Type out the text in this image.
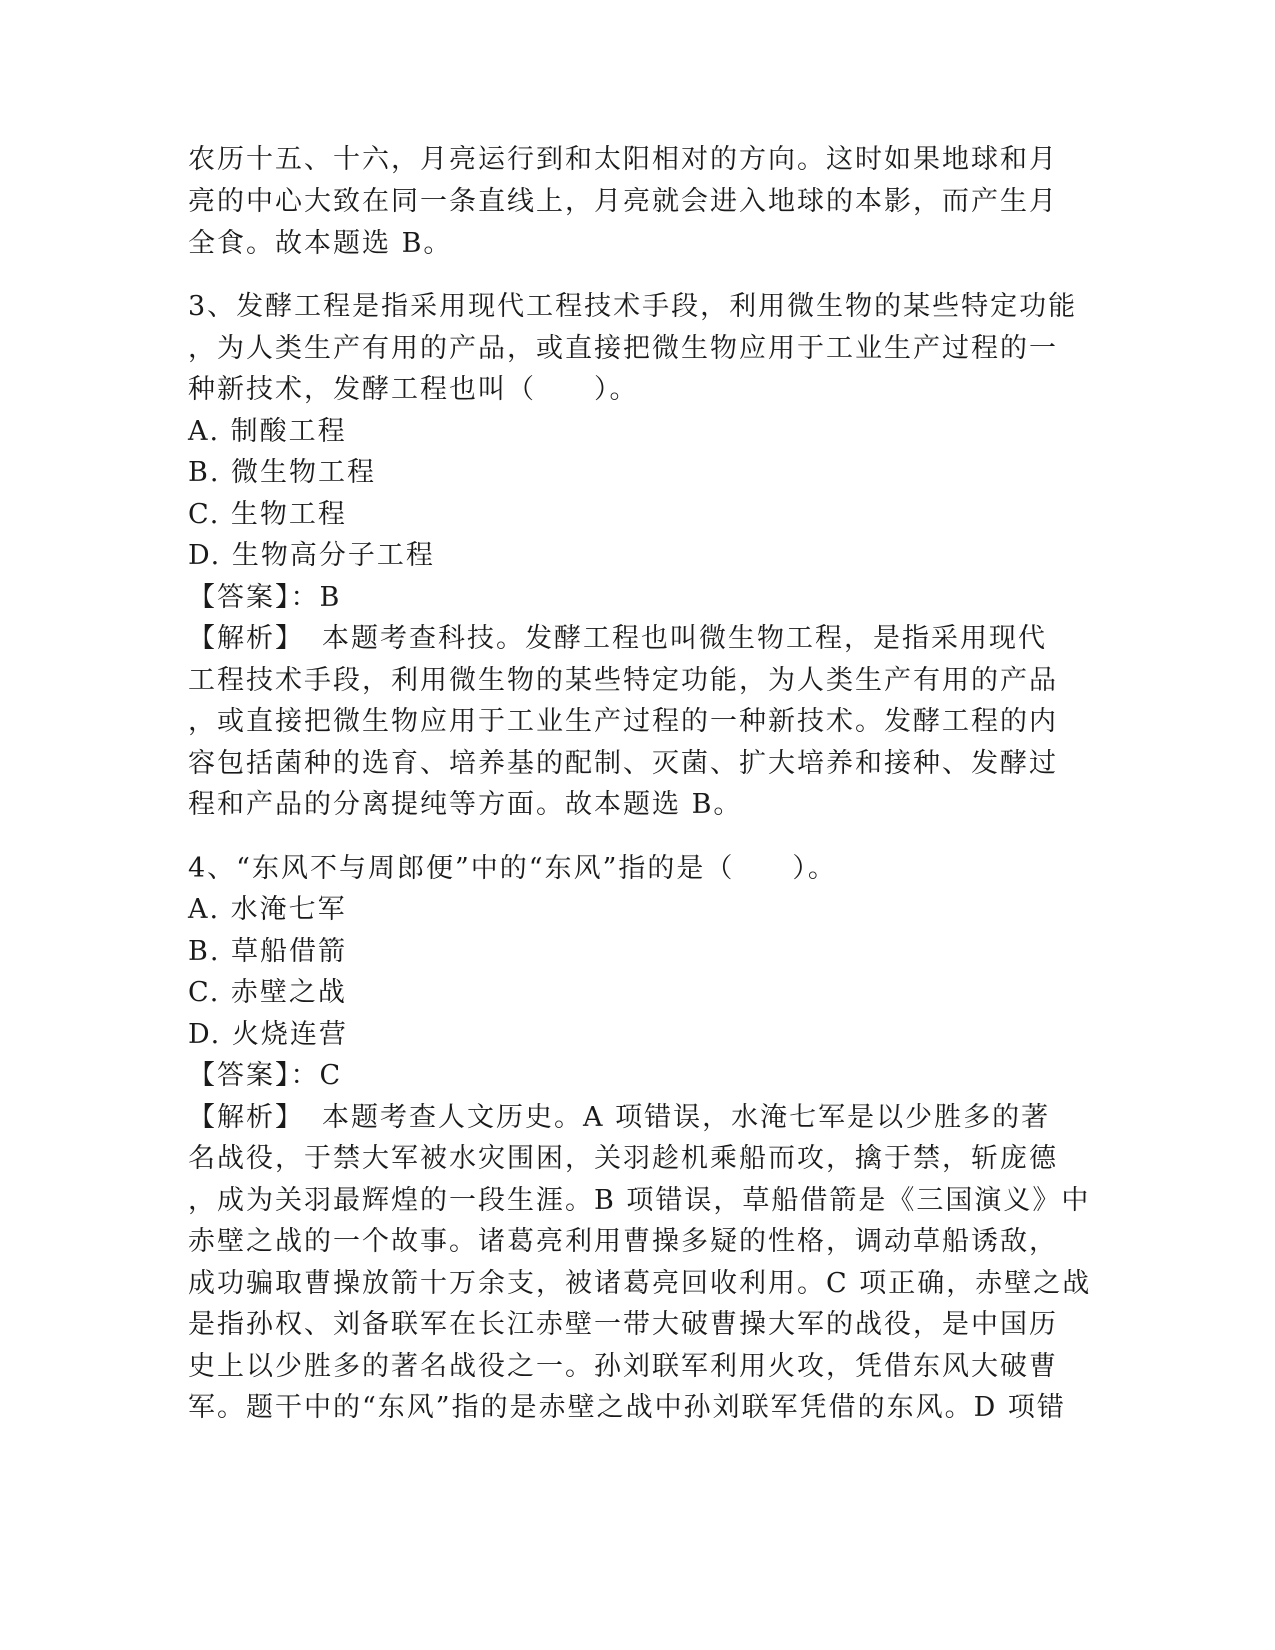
农历十五、十六，月亮运行到和太阳相对的方向。这时如果地球和月
亮的中心大致在同一条直线上，月亮就会进入地球的本影，而产生月
全食。故本题选 B。
3、发酵工程是指采用现代工程技术手段，利用微生物的某些特定功能
，为人类生产有用的产品，或直接把微生物应用于工业生产过程的一
种新技术，发酵工程也叫（　　）。
A. 制酸工程
B. 微生物工程
C. 生物工程
D. 生物高分子工程
【答案】：B
【解析】 本题考查科技。发酵工程也叫微生物工程，是指采用现代
工程技术手段，利用微生物的某些特定功能，为人类生产有用的产品
，或直接把微生物应用于工业生产过程的一种新技术。发酵工程的内
容包括菌种的选育、培养基的配制、灭菌、扩大培养和接种、发酵过
程和产品的分离提纯等方面。故本题选 B。
4、“东风不与周郎便”中的“东风”指的是（　　）。
A. 水淹七军
B. 草船借箭
C. 赤壁之战
D. 火烧连营
【答案】：C
【解析】 本题考查人文历史。A 项错误，水淹七军是以少胜多的著
名战役，于禁大军被水灾围困，关羽趁机乘船而攻，擒于禁，斩庞德
，成为关羽最辉煌的一段生涯。B 项错误，草船借箭是《三国演义》中
赤壁之战的一个故事。诸葛亮利用曹操多疑的性格，调动草船诱敌，
成功骗取曹操放箭十万余支，被诸葛亮回收利用。C 项正确，赤壁之战
是指孙权、刘备联军在长江赤壁一带大破曹操大军的战役，是中国历
史上以少胜多的著名战役之一。孙刘联军利用火攻，凭借东风大破曹
军。题干中的“东风”指的是赤壁之战中孙刘联军凭借的东风。D 项错
